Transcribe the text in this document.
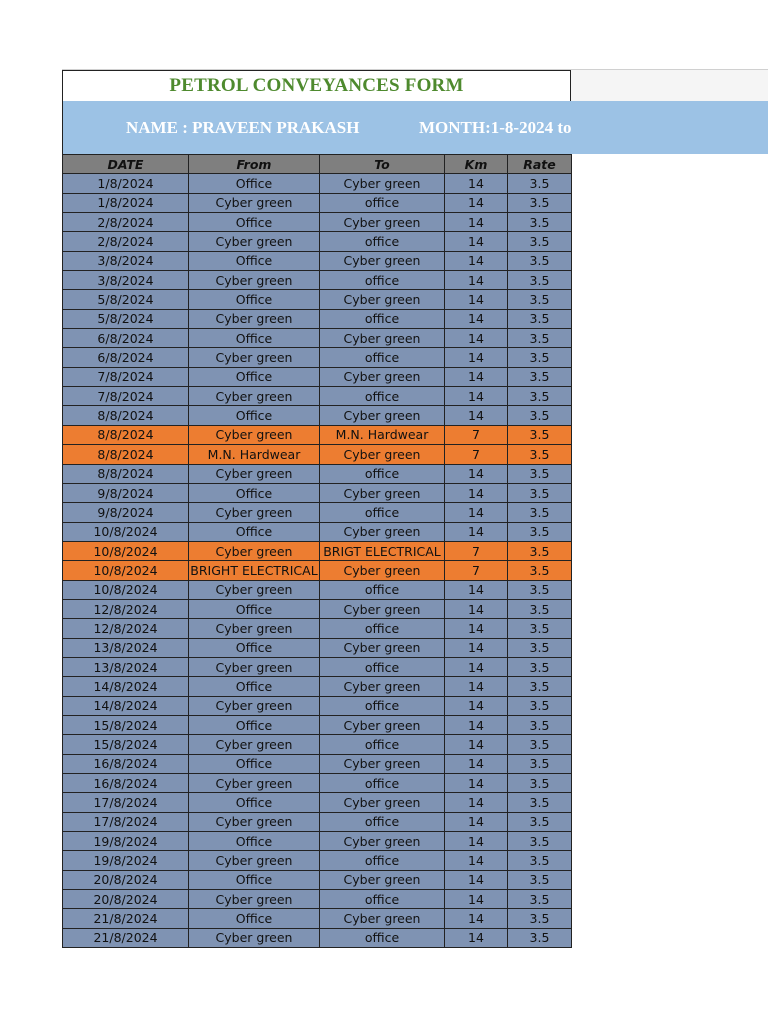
PETROL CONVEYANCES FORM
NAME : PRAVEEN PRAKASH	MONTH:1-8-2024 to
DATE	From	To	Km	Rate
1/8/2024	Office	Cyber green	14	3.5
1/8/2024	Cyber green	office	14	3.5
2/8/2024	Office	Cyber green	14	3.5
2/8/2024	Cyber green	office	14	3.5
3/8/2024	Office	Cyber green	14	3.5
3/8/2024	Cyber green	office	14	3.5
5/8/2024	Office	Cyber green	14	3.5
5/8/2024	Cyber green	office	14	3.5
6/8/2024	Office	Cyber green	14	3.5
6/8/2024	Cyber green	office	14	3.5
7/8/2024	Office	Cyber green	14	3.5
7/8/2024	Cyber green	office	14	3.5
8/8/2024	Office	Cyber green	14	3.5
8/8/2024	Cyber green	M.N. Hardwear	7	3.5
8/8/2024	M.N. Hardwear	Cyber green	7	3.5
8/8/2024	Cyber green	office	14	3.5
9/8/2024	Office	Cyber green	14	3.5
9/8/2024	Cyber green	office	14	3.5
10/8/2024	Office	Cyber green	14	3.5
10/8/2024	Cyber green	BRIGT ELECTRICAL	7	3.5
10/8/2024	BRIGHT ELECTRICAL	Cyber green	7	3.5
10/8/2024	Cyber green	office	14	3.5
12/8/2024	Office	Cyber green	14	3.5
12/8/2024	Cyber green	office	14	3.5
13/8/2024	Office	Cyber green	14	3.5
13/8/2024	Cyber green	office	14	3.5
14/8/2024	Office	Cyber green	14	3.5
14/8/2024	Cyber green	office	14	3.5
15/8/2024	Office	Cyber green	14	3.5
15/8/2024	Cyber green	office	14	3.5
16/8/2024	Office	Cyber green	14	3.5
16/8/2024	Cyber green	office	14	3.5
17/8/2024	Office	Cyber green	14	3.5
17/8/2024	Cyber green	office	14	3.5
19/8/2024	Office	Cyber green	14	3.5
19/8/2024	Cyber green	office	14	3.5
20/8/2024	Office	Cyber green	14	3.5
20/8/2024	Cyber green	office	14	3.5
21/8/2024	Office	Cyber green	14	3.5
21/8/2024	Cyber green	office	14	3.5
